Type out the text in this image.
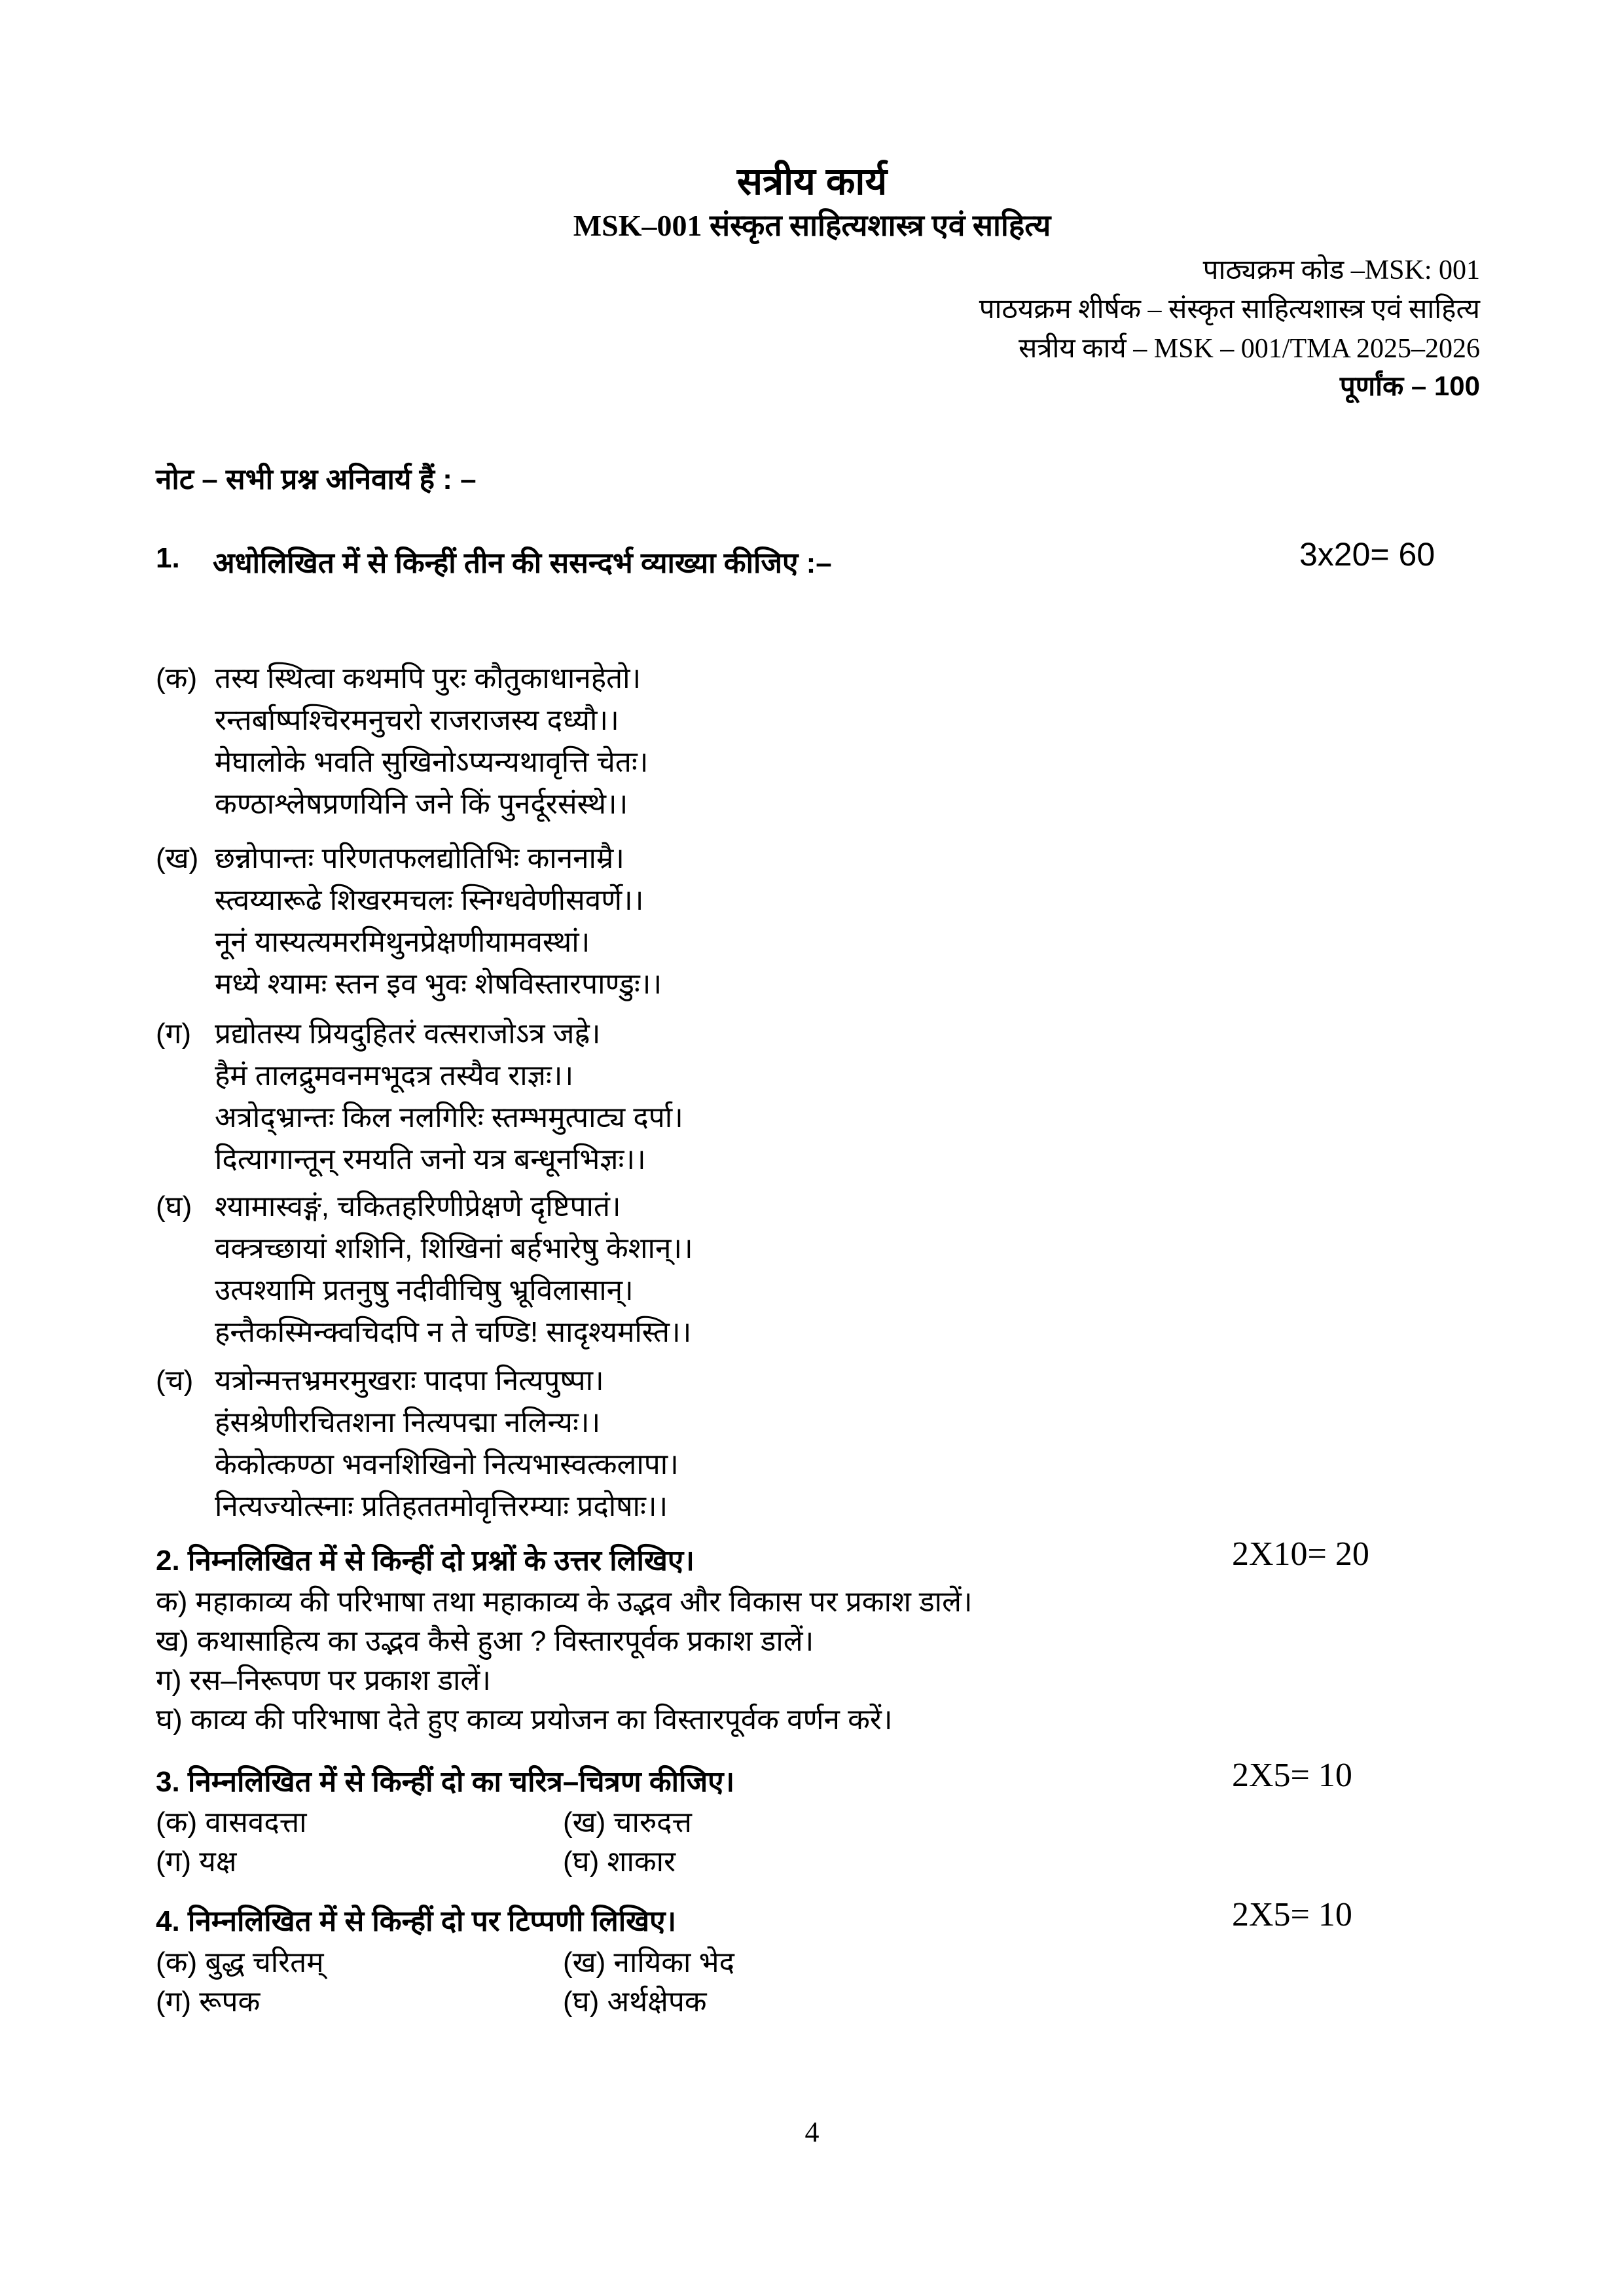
सत्रीय कार्य
MSK–001 संस्कृत साहित्यशास्त्र एवं साहित्य
पाठ्यक्रम कोड –MSK: 001
पाठयक्रम शीर्षक – संस्कृत साहित्यशास्त्र एवं साहित्य
सत्रीय कार्य – MSK – 001/TMA 2025–2026
पूर्णांक – 100
नोट – सभी प्रश्न अनिवार्य हैं : –
1. अधोलिखित में से किन्हीं तीन की ससन्दर्भ व्याख्या कीजिए :–	3x20= 60
(क) तस्य स्थित्वा कथमपि पुरः कौतुकाधानहेतो।
रन्तर्बाष्पश्चिरमनुचरो राजराजस्य दध्यौ।।
मेघालोके भवति सुखिनोऽप्यन्यथावृत्ति चेतः।
कण्ठाश्लेषप्रणयिनि जने किं पुनर्दूरसंस्थे।।
(ख) छन्नोपान्तः परिणतफलद्योतिभिः काननाम्रै।
स्त्वय्यारूढे शिखरमचलः स्निग्धवेणीसवर्णे।।
नूनं यास्यत्यमरमिथुनप्रेक्षणीयामवस्थां।
मध्ये श्यामः स्तन इव भुवः शेषविस्तारपाण्डुः।।
(ग) प्रद्योतस्य प्रियदुहितरं वत्सराजोऽत्र जह्रे।
हैमं तालद्रुमवनमभूदत्र तस्यैव राज्ञः।।
अत्रोद्भ्रान्तः किल नलगिरिः स्तम्भमुत्पाट्य दर्पा।
दित्यागान्तून् रमयति जनो यत्र बन्धूनभिज्ञः।।
(घ) श्यामास्वङ्गं, चकितहरिणीप्रेक्षणे दृष्टिपातं।
वक्त्रच्छायां शशिनि, शिखिनां बर्हभारेषु केशान्।।
उत्पश्यामि प्रतनुषु नदीवीचिषु भ्रूविलासान्।
हन्तैकस्मिन्क्वचिदपि न ते चण्डि! सादृश्यमस्ति।।
(च) यत्रोन्मत्तभ्रमरमुखराः पादपा नित्यपुष्पा।
हंसश्रेणीरचितशना नित्यपद्मा नलिन्यः।।
केकोत्कण्ठा भवनशिखिनो नित्यभास्वत्कलापा।
नित्यज्योत्स्नाः प्रतिहततमोवृत्तिरम्याः प्रदोषाः।।
2. निम्नलिखित में से किन्हीं दो प्रश्नों के उत्तर लिखिए।	2X10= 20
क) महाकाव्य की परिभाषा तथा महाकाव्य के उद्भव और विकास पर प्रकाश डालें।
ख) कथासाहित्य का उद्भव कैसे हुआ ? विस्तारपूर्वक प्रकाश डालें।
ग) रस–निरूपण पर प्रकाश डालें।
घ) काव्य की परिभाषा देते हुए काव्य प्रयोजन का विस्तारपूर्वक वर्णन करें।
3. निम्नलिखित में से किन्हीं दो का चरित्र–चित्रण कीजिए।	2X5= 10
(क) वासवदत्ता	(ख) चारुदत्त
(ग) यक्ष	(घ) शाकार
4. निम्नलिखित में से किन्हीं दो पर टिप्पणी लिखिए।	2X5= 10
(क) बुद्ध चरितम्	(ख) नायिका भेद
(ग) रूपक	(घ) अर्थक्षेपक
4
